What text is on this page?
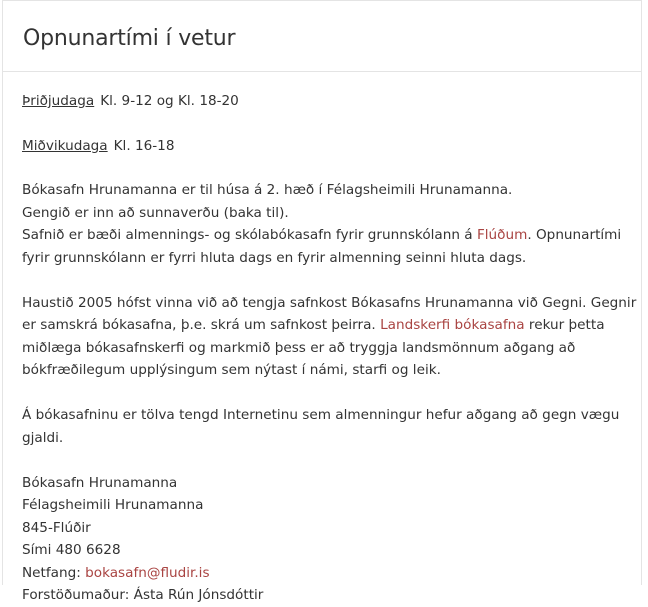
Opnunartími í vetur

Þriðjudaga Kl. 9-12 og Kl. 18-20

Miðvikudaga Kl. 16-18

Bókasafn Hrunamanna er til húsa á 2. hæð í Félagsheimili Hrunamanna.

Gengið er inn að sunnaverðu (baka til).

Safnið er bæði almennings- og skólabókasafn fyrir grunnskólann á Flúðum. Opnunartími fyrir grunnskólann er fyrri hluta dags en fyrir almenning seinni hluta dags.

Haustið 2005 hófst vinna við að tengja safnkost Bókasafns Hrunamanna við Gegni. Gegnir er samskrá bókasafna, þ.e. skrá um safnkost þeirra. Landskerfi bókasafna rekur þetta miðlæga bókasafnskerfi og markmið þess er að tryggja landsmönnum aðgang að bókfræðilegum upplýsingum sem nýtast í námi, starfi og leik.

Á bókasafninu er tölva tengd Internetinu sem almenningur hefur aðgang að gegn vægu gjaldi.

Bókasafn Hrunamanna

Félagsheimili Hrunamanna

845-Flúðir

Sími 480 6628

Netfang: bokasafn@fludir.is

Forstöðumaður: Ásta Rún Jónsdóttir
